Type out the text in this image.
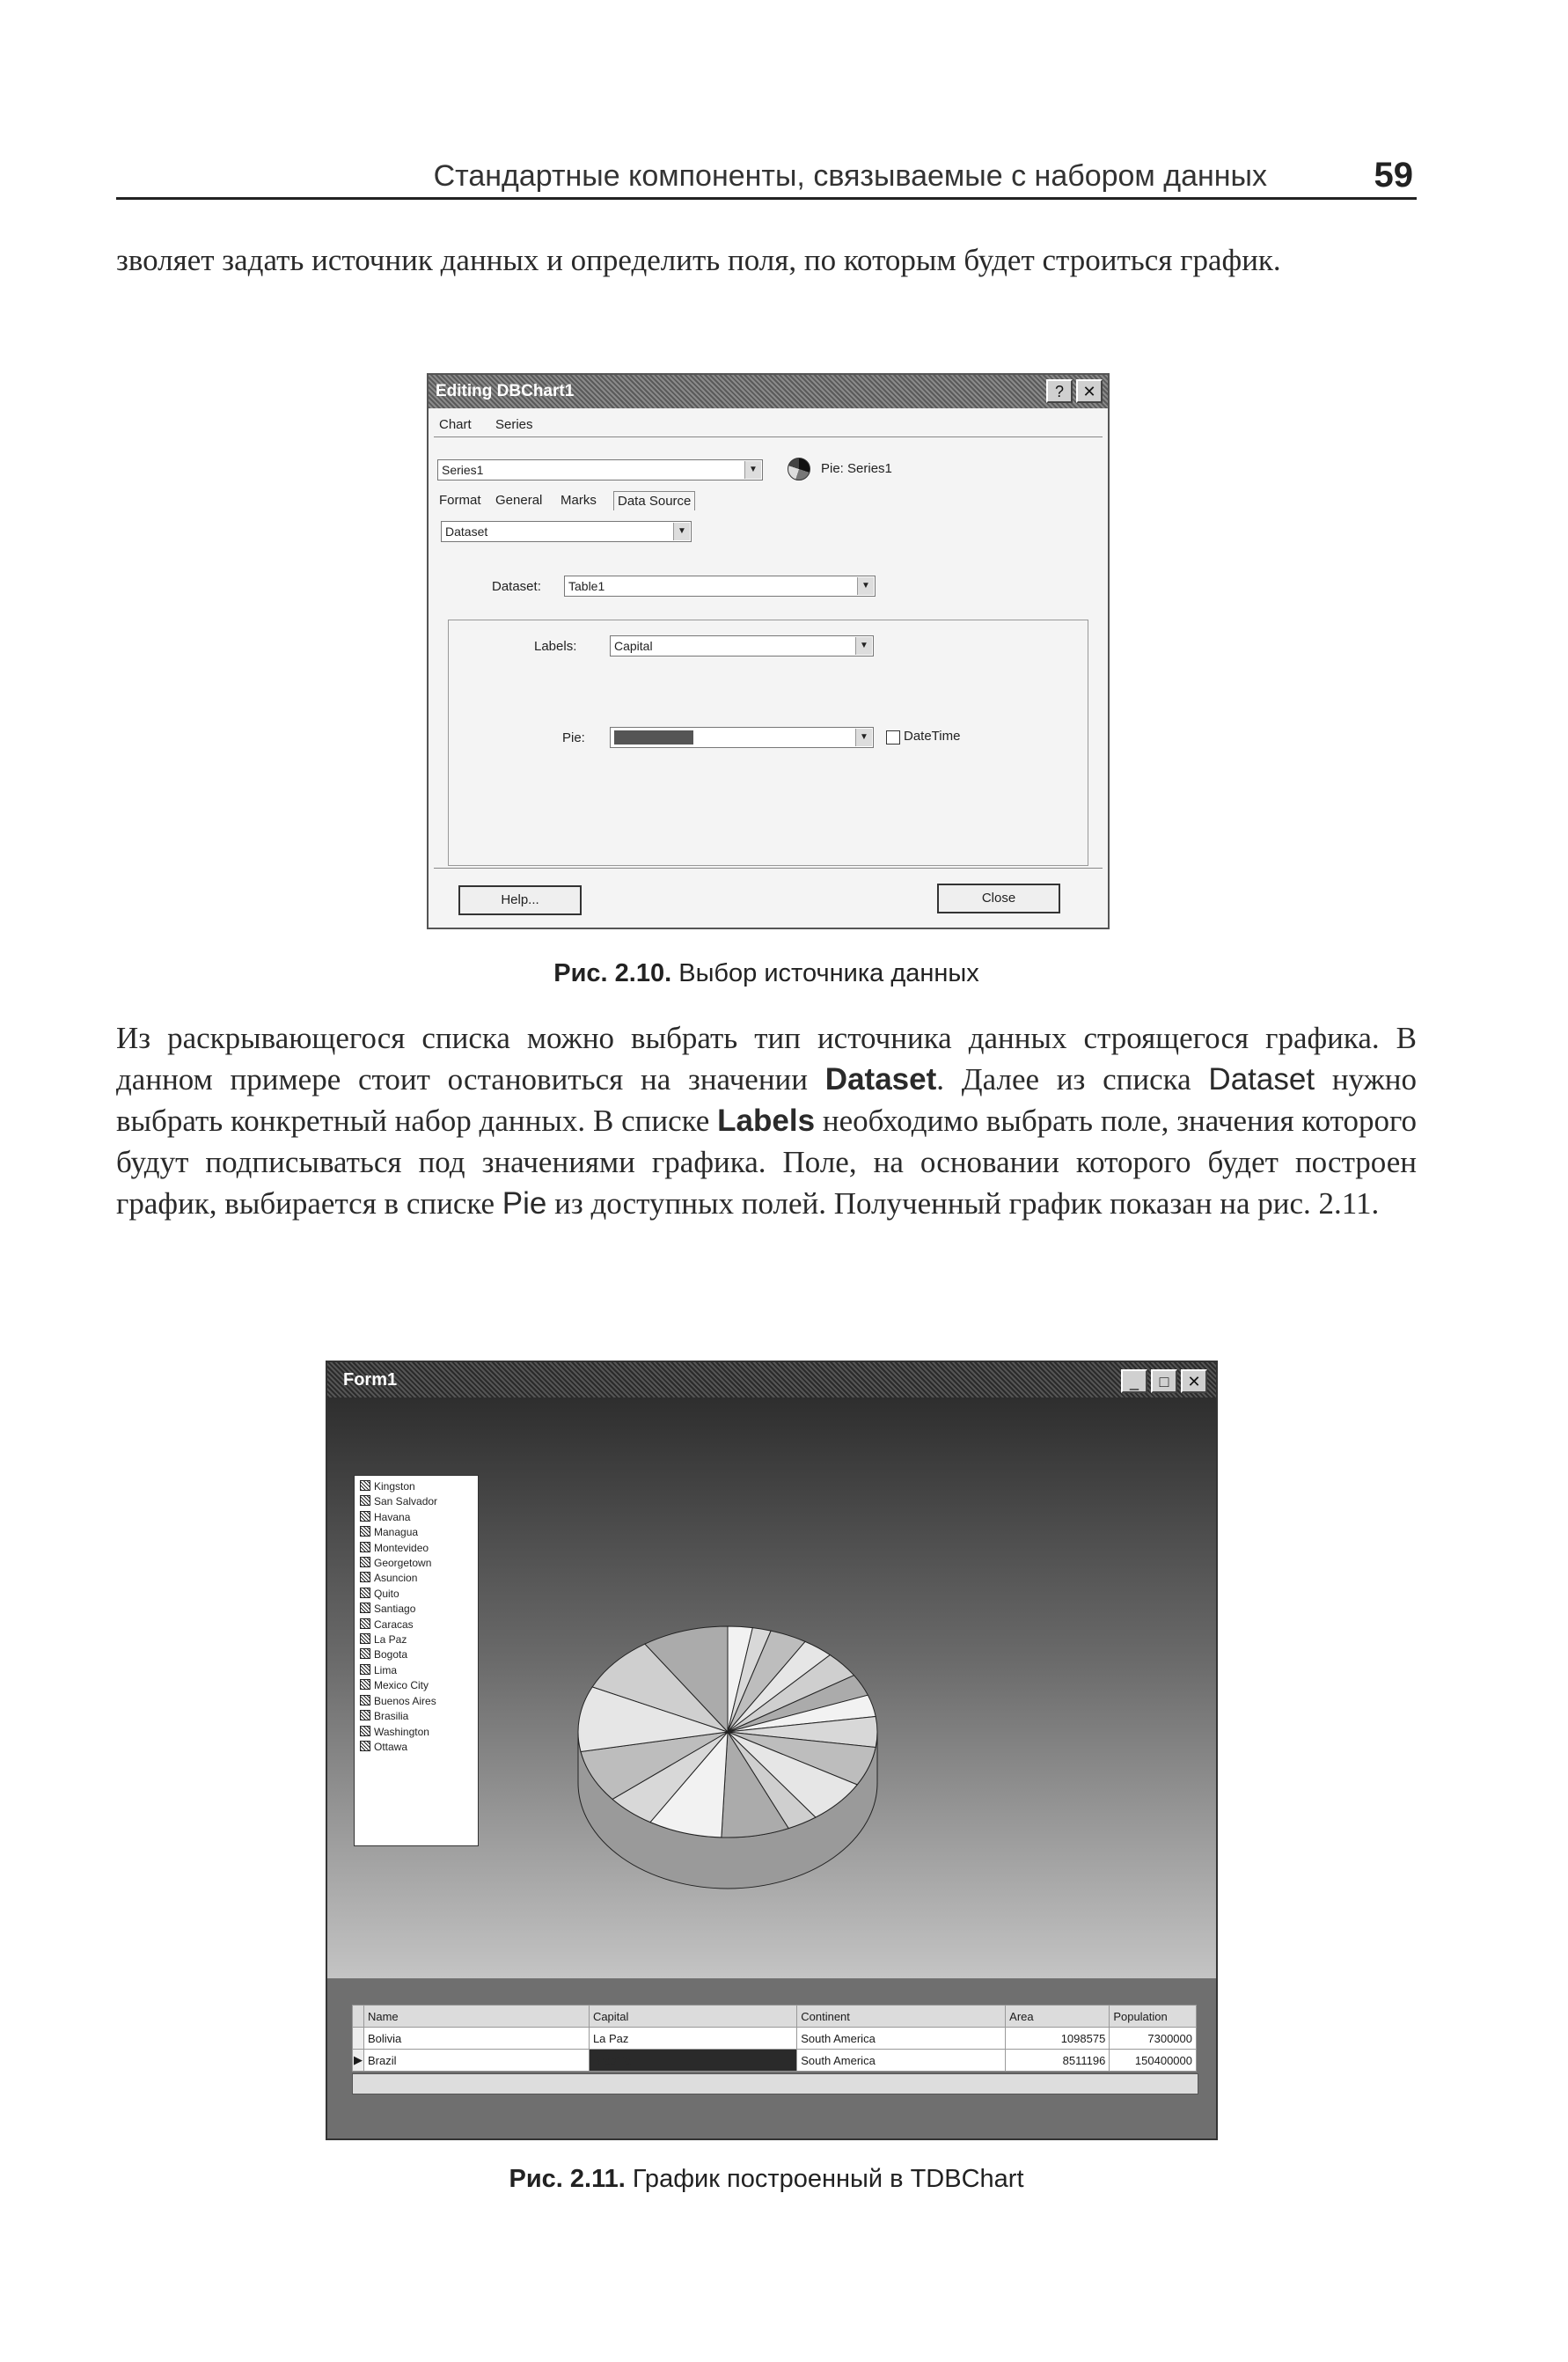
Стандартные компоненты, связываемые с набором данных	59
зволяет задать источник данных и определить поля, по которым будет строиться график.
Editing DBChart1	?	✕
Chart Series
Series1	▼	Pie: Series1
Format General Marks	Data Source
Dataset	▼
Dataset:	Table1	▼
Labels:	Capital	▼
Pie:	▼	DateTime
Help...	Close
Рис. 2.10. Выбор источника данных
Из раскрывающегося списка можно выбрать тип источника данных строящегося графика. В данном примере стоит остановиться на значении Dataset. Далее из списка Dataset нужно выбрать конкретный набор данных. В списке Labels необходимо выбрать поле, значения которого будут подписываться под значениями графика. Поле, на основании которого будет построен график, выбирается в списке Pie из доступных полей. Полученный график показан на рис. 2.11.
Form1	_	□	✕
Kingston
San Salvador
Havana
Managua
Montevideo
Georgetown
Asuncion
Quito
Santiago
Caracas
La Paz
Bogota
Lima
Mexico City
Buenos Aires
Brasilia
Washington
Ottawa
	Name	Capital	Continent	Area	Population
	Bolivia	La Paz	South America	1098575	7300000
▶	Brazil	Brasilia	South America	8511196	150400000
Рис. 2.11. График построенный в TDBChart
